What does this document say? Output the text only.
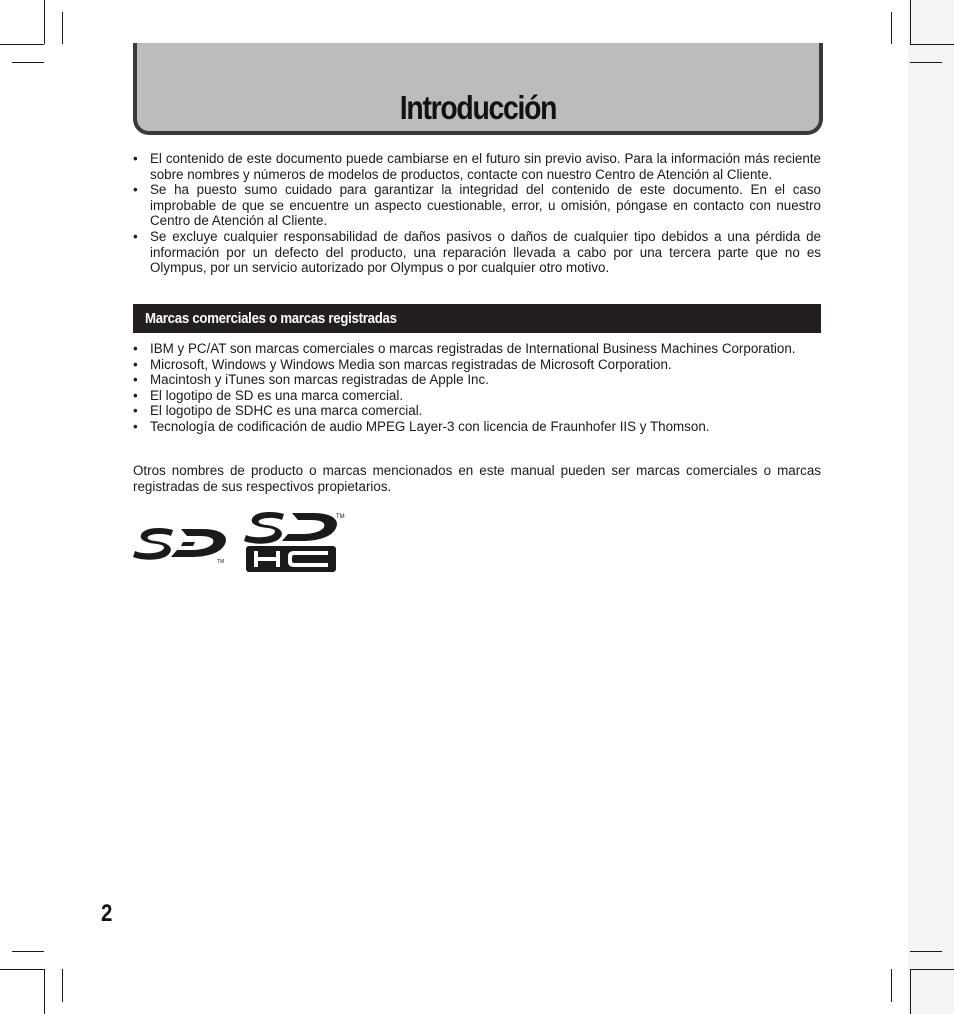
Introducción
• El contenido de este documento puede cambiarse en el futuro sin previo aviso. Para la información más reciente sobre nombres y números de modelos de productos, contacte con nuestro Centro de Atención al Cliente.
• Se ha puesto sumo cuidado para garantizar la integridad del contenido de este documento. En el caso improbable de que se encuentre un aspecto cuestionable, error, u omisión, póngase en contacto con nuestro Centro de Atención al Cliente.
• Se excluye cualquier responsabilidad de daños pasivos o daños de cualquier tipo debidos a una pérdida de información por un defecto del producto, una reparación llevada a cabo por una tercera parte que no es Olympus, por un servicio autorizado por Olympus o por cualquier otro motivo.
Marcas comerciales o marcas registradas
• IBM y PC/AT son marcas comerciales o marcas registradas de International Business Machines Corporation.
• Microsoft, Windows y Windows Media son marcas registradas de Microsoft Corporation.
• Macintosh y iTunes son marcas registradas de Apple Inc.
• El logotipo de SD es una marca comercial.
• El logotipo de SDHC es una marca comercial.
• Tecnología de codificación de audio MPEG Layer-3 con licencia de Fraunhofer IIS y Thomson.

Otros nombres de producto o marcas mencionados en este manual pueden ser marcas comerciales o marcas registradas de sus respectivos propietarios.

TM
TM
2
